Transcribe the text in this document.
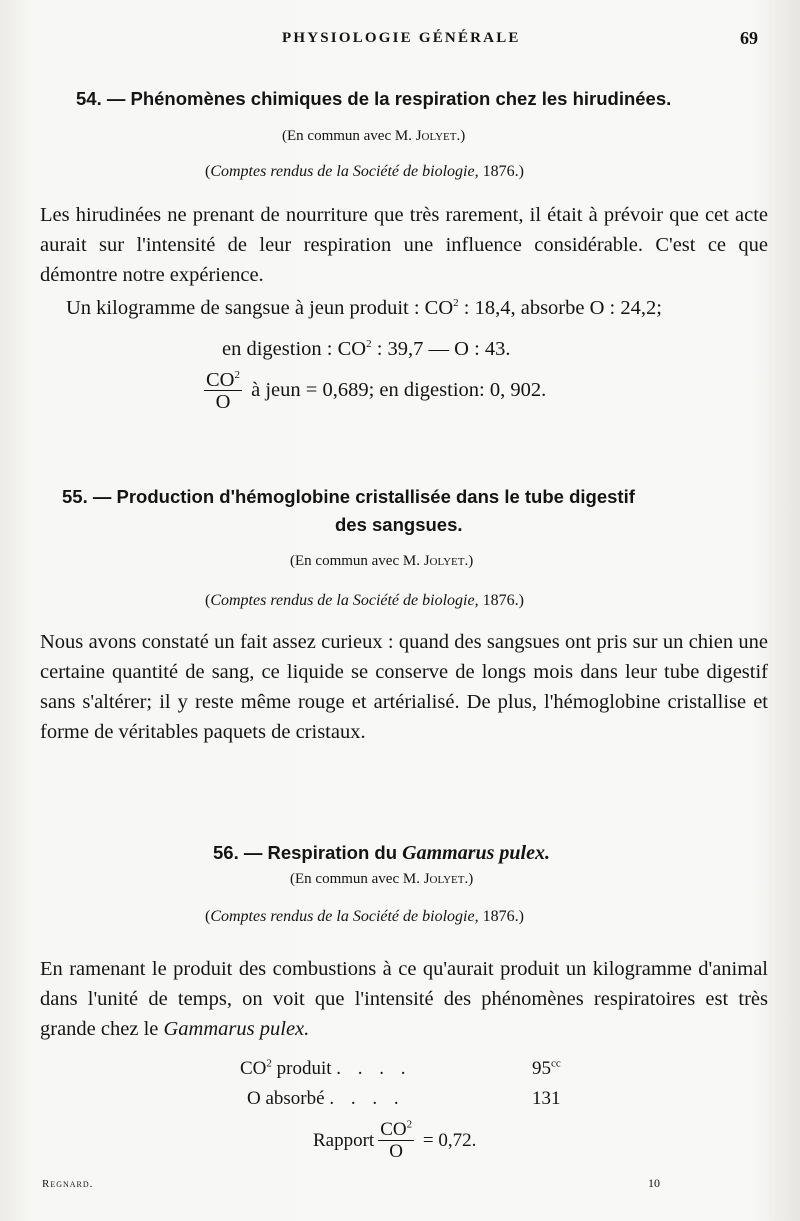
PHYSIOLOGIE GÉNÉRALE	69
54. — Phénomènes chimiques de la respiration chez les hirudinées.
(En commun avec M. Jolyet.)
(Comptes rendus de la Société de biologie, 1876.)
Les hirudinées ne prenant de nourriture que très rarement, il était à prévoir que cet acte aurait sur l'intensité de leur respiration une influence considérable. C'est ce que démontre notre expérience.
Un kilogramme de sangsue à jeun produit : $CO^2$ : 18,4, absorbe O : 24,2;
en digestion : $CO^2$ : 39,7 — O : 43.
$\frac{CO^2}{O}$ à jeun = 0,689; en digestion: 0, 902.
55. — Production d'hémoglobine cristallisée dans le tube digestif
des sangsues.
(En commun avec M. Jolyet.)
(Comptes rendus de la Société de biologie, 1876.)
Nous avons constaté un fait assez curieux : quand des sangsues ont pris sur un chien une certaine quantité de sang, ce liquide se conserve de longs mois dans leur tube digestif sans s'altérer; il y reste même rouge et artérialisé. De plus, l'hémoglobine cristallise et forme de véritables paquets de cristaux.
56. — Respiration du Gammarus pulex.
(En commun avec M. Jolyet.)
(Comptes rendus de la Société de biologie, 1876.)
En ramenant le produit des combustions à ce qu'aurait produit un kilogramme d'animal dans l'unité de temps, on voit que l'intensité des phénomènes respiratoires est très grande chez le Gammarus pulex.
$CO^2$ produit . . . .	$95^{cc}$
O absorbé . . . .	131
Rapport $\frac{CO^2}{O} = 0,72$.
Regnard.	10
